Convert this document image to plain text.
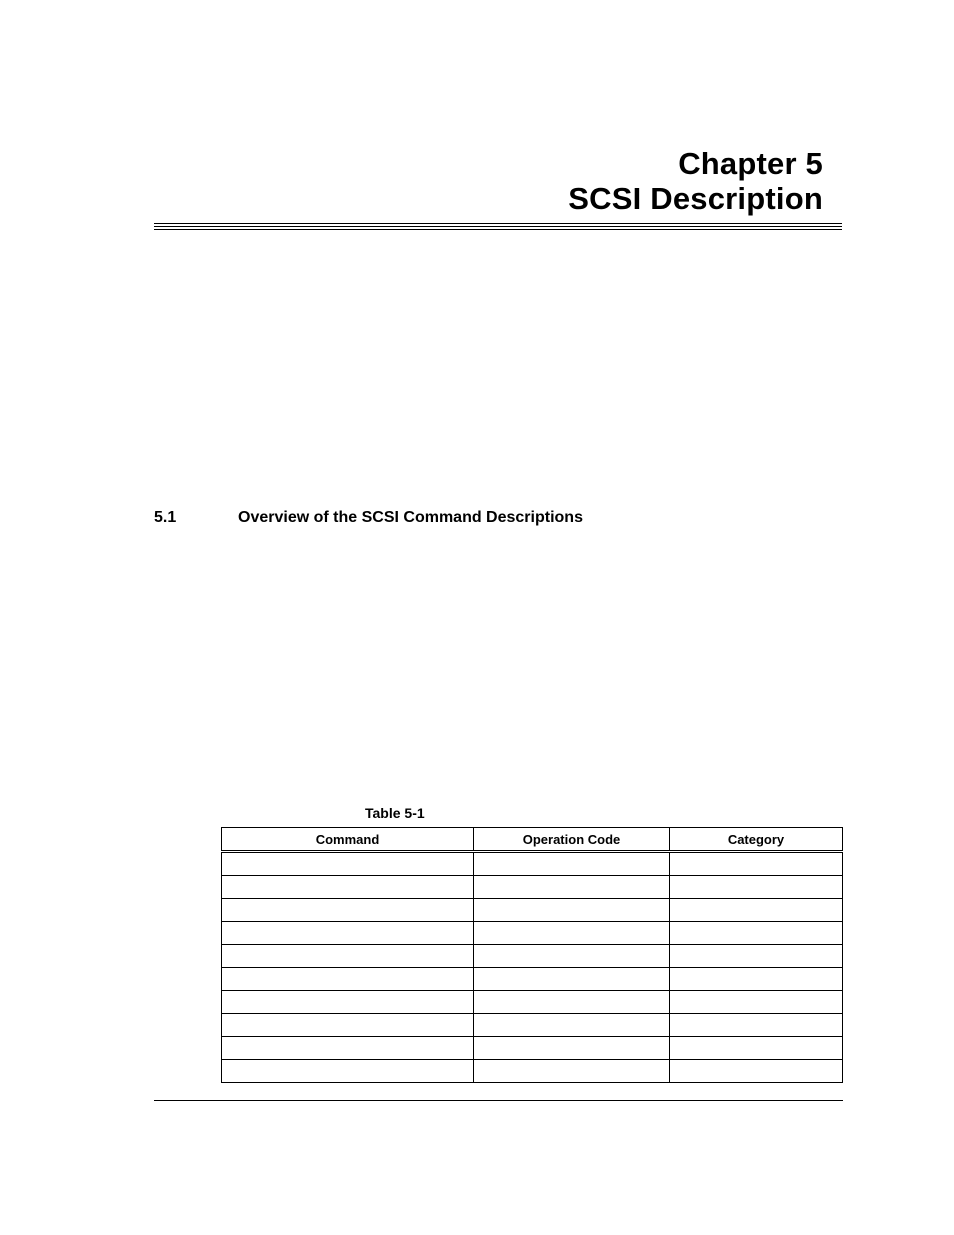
Chapter 5
SCSI Description
5.1	Overview of the SCSI Command Descriptions
Table 5-1
Command	Operation Code	Category
